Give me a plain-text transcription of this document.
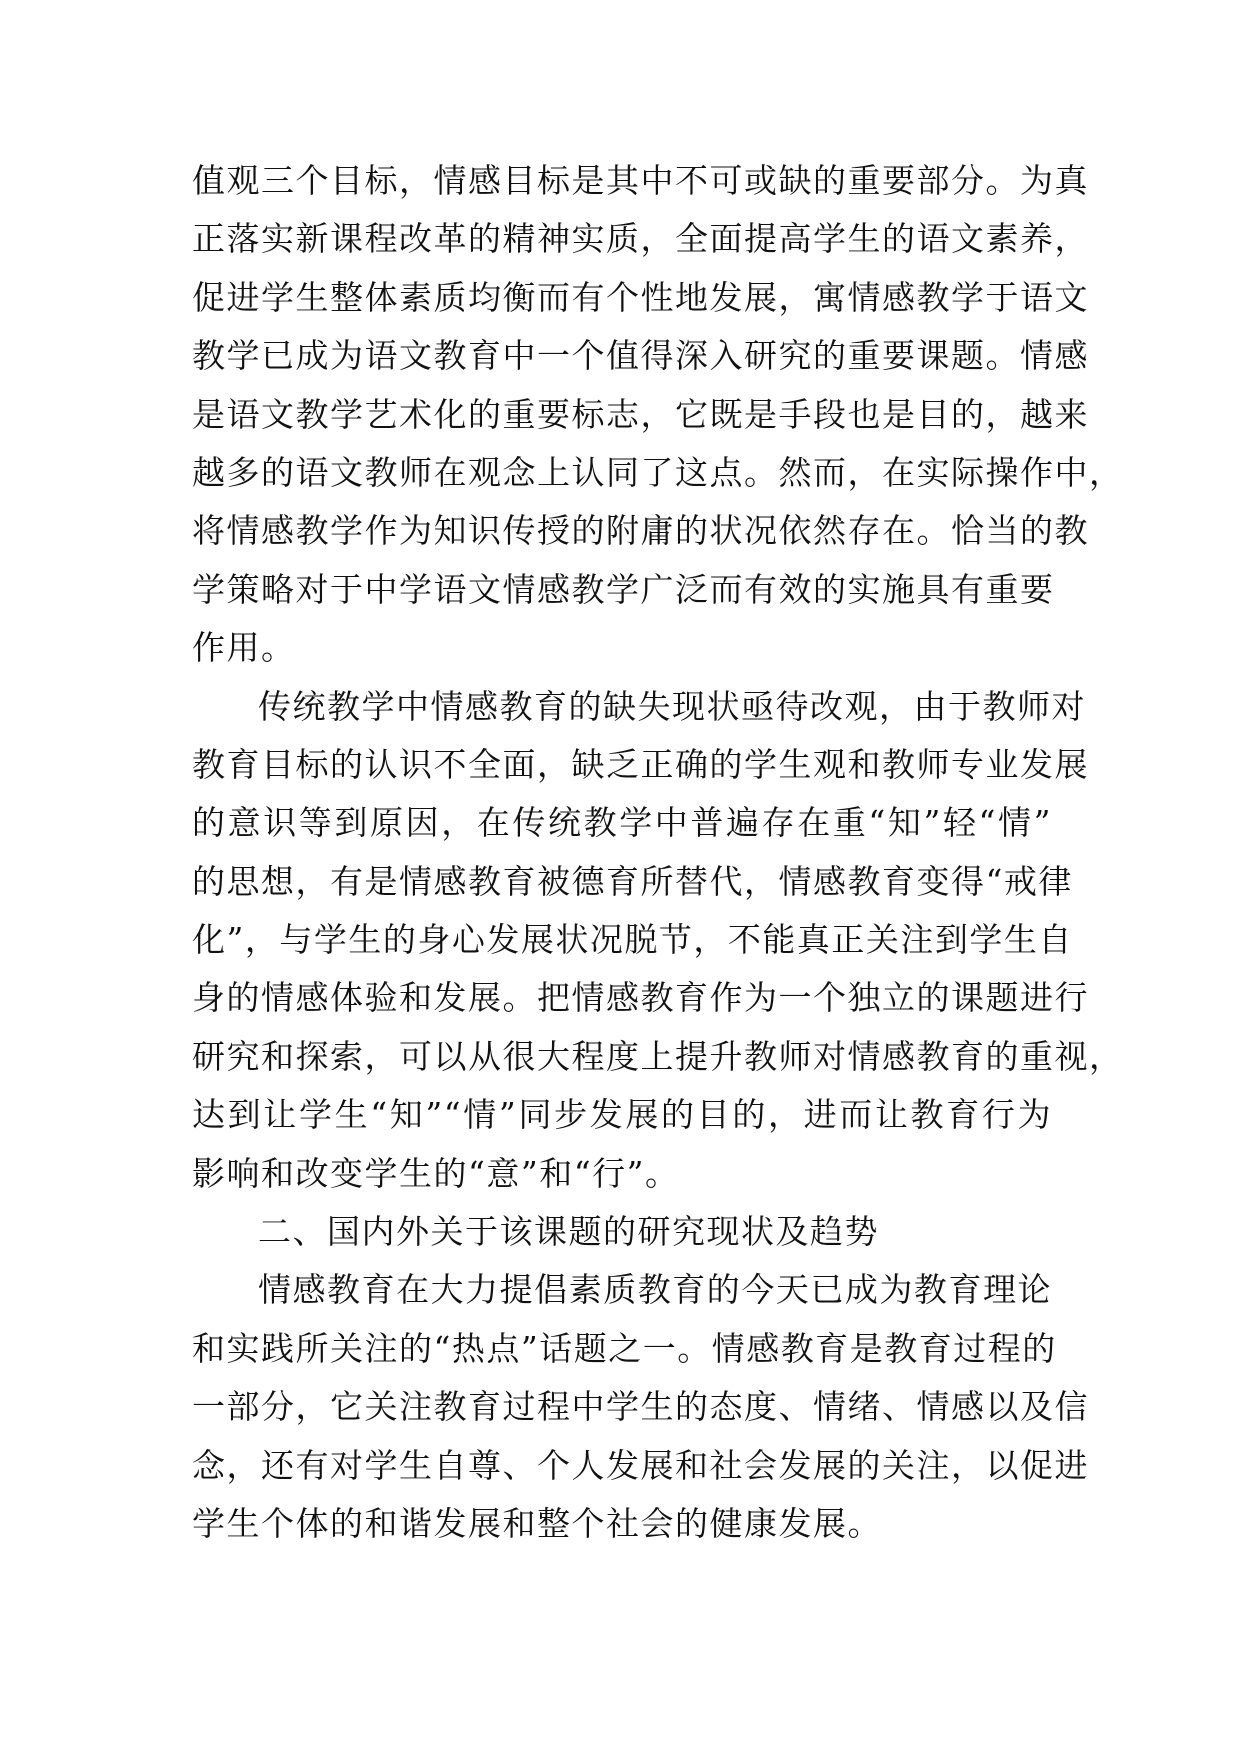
值观三个目标，情感目标是其中不可或缺的重要部分。为真
正落实新课程改革的精神实质，全面提高学生的语文素养，
促进学生整体素质均衡而有个性地发展，寓情感教学于语文
教学已成为语文教育中一个值得深入研究的重要课题。情感
是语文教学艺术化的重要标志，它既是手段也是目的，越来
越多的语文教师在观念上认同了这点。然而，在实际操作中，
将情感教学作为知识传授的附庸的状况依然存在。恰当的教
学策略对于中学语文情感教学广泛而有效的实施具有重要
作用。
传统教学中情感教育的缺失现状亟待改观，由于教师对
教育目标的认识不全面，缺乏正确的学生观和教师专业发展
的意识等到原因，在传统教学中普遍存在重“知”轻“情”
的思想，有是情感教育被德育所替代，情感教育变得“戒律
化”，与学生的身心发展状况脱节，不能真正关注到学生自
身的情感体验和发展。把情感教育作为一个独立的课题进行
研究和探索，可以从很大程度上提升教师对情感教育的重视，
达到让学生“知”“情”同步发展的目的，进而让教育行为
影响和改变学生的“意”和“行”。
二、国内外关于该课题的研究现状及趋势
情感教育在大力提倡素质教育的今天已成为教育理论
和实践所关注的“热点”话题之一。情感教育是教育过程的
一部分，它关注教育过程中学生的态度、情绪、情感以及信
念，还有对学生自尊、个人发展和社会发展的关注，以促进
学生个体的和谐发展和整个社会的健康发展。
